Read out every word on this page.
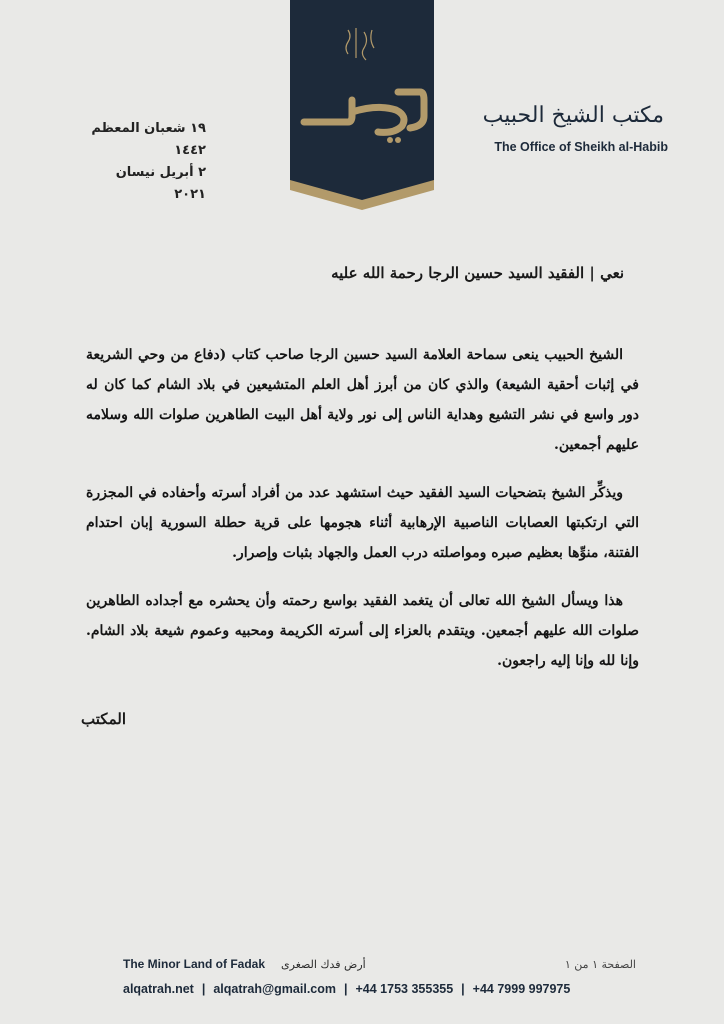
١٩ شعبان المعظم ١٤٤٢
٢ أبريل نيسان ٢٠٢١
مكتب الشيخ الحبيب
The Office of Sheikh al-Habib
نعي | الفقيد السيد حسين الرجا رحمة الله عليه

الشيخ الحبيب ينعى سماحة العلامة السيد حسين الرجا صاحب كتاب (دفاع من وحي الشريعة في إثبات أحقية الشيعة) والذي كان من أبرز أهل العلم المتشيعين في بلاد الشام كما كان له دور واسع في نشر التشيع وهداية الناس إلى نور ولاية أهل البيت الطاهرين صلوات الله وسلامه عليهم أجمعين.

ويذكِّر الشيخ بتضحيات السيد الفقيد حيث استشهد عدد من أفراد أسرته وأحفاده في المجزرة التي ارتكبتها العصابات الناصبية الإرهابية أثناء هجومها على قرية حطلة السورية إبان احتدام الفتنة، منوِّها بعظيم صبره ومواصلته درب العمل والجهاد بثبات وإصرار.

هذا ويسأل الشيخ الله تعالى أن يتغمد الفقيد بواسع رحمته وأن يحشره مع أجداده الطاهرين صلوات الله عليهم أجمعين. ويتقدم بالعزاء إلى أسرته الكريمة ومحبيه وعموم شيعة بلاد الشام. وإنا لله وإنا إليه راجعون.

المكتب
The Minor Land of Fadak أرض فدك الصغرى	الصفحة ١ من ١
alqatrah.net | alqatrah@gmail.com | +44 1753 355355 | +44 7999 997975
